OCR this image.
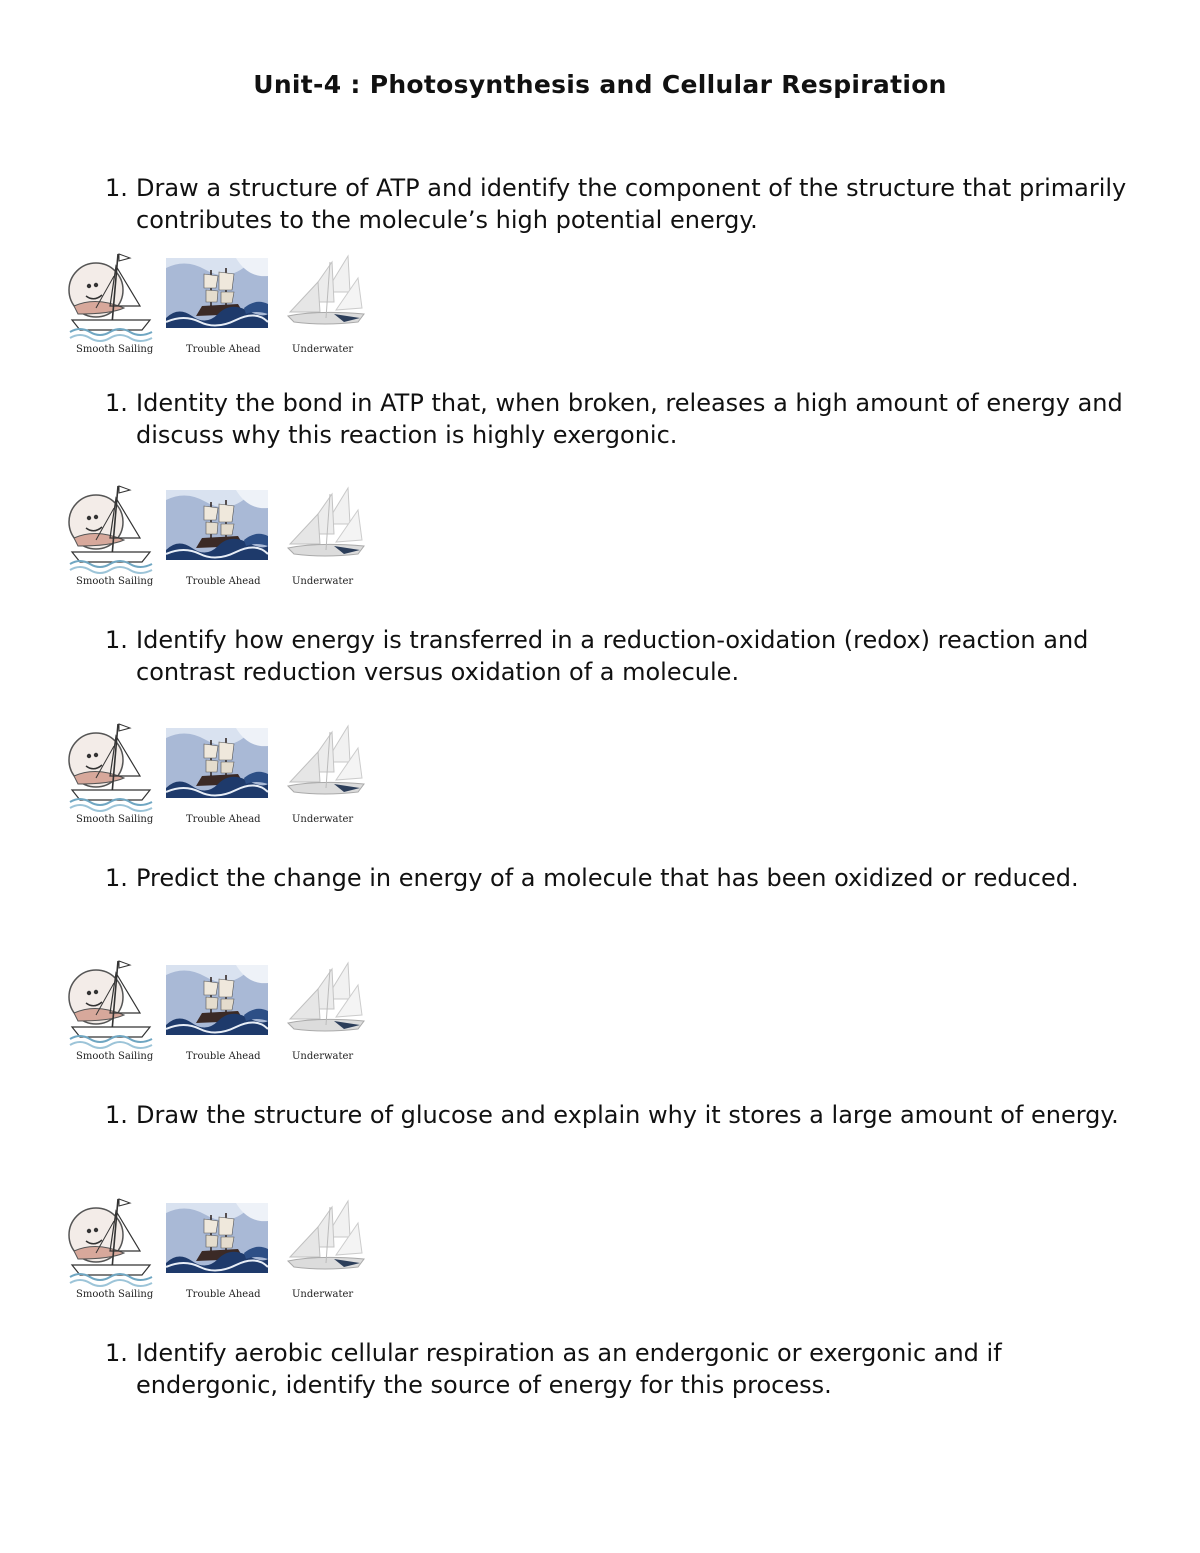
Unit-4 : Photosynthesis and Cellular Respiration
1. Draw a structure of ATP and identify the component of the structure that primarily contributes to the molecule’s high potential energy.
Smooth Sailing	Trouble Ahead	Underwater
1. Identity the bond in ATP that, when broken, releases a high amount of energy and discuss why this reaction is highly exergonic.
Smooth Sailing	Trouble Ahead	Underwater
1. Identify how energy is transferred in a reduction-oxidation (redox) reaction and contrast reduction versus oxidation of a molecule.
Smooth Sailing	Trouble Ahead	Underwater
1. Predict the change in energy of a molecule that has been oxidized or reduced.
Smooth Sailing	Trouble Ahead	Underwater
1. Draw the structure of glucose and explain why it stores a large amount of energy.
Smooth Sailing	Trouble Ahead	Underwater
1. Identify aerobic cellular respiration as an endergonic or exergonic and if endergonic, identify the source of energy for this process.
